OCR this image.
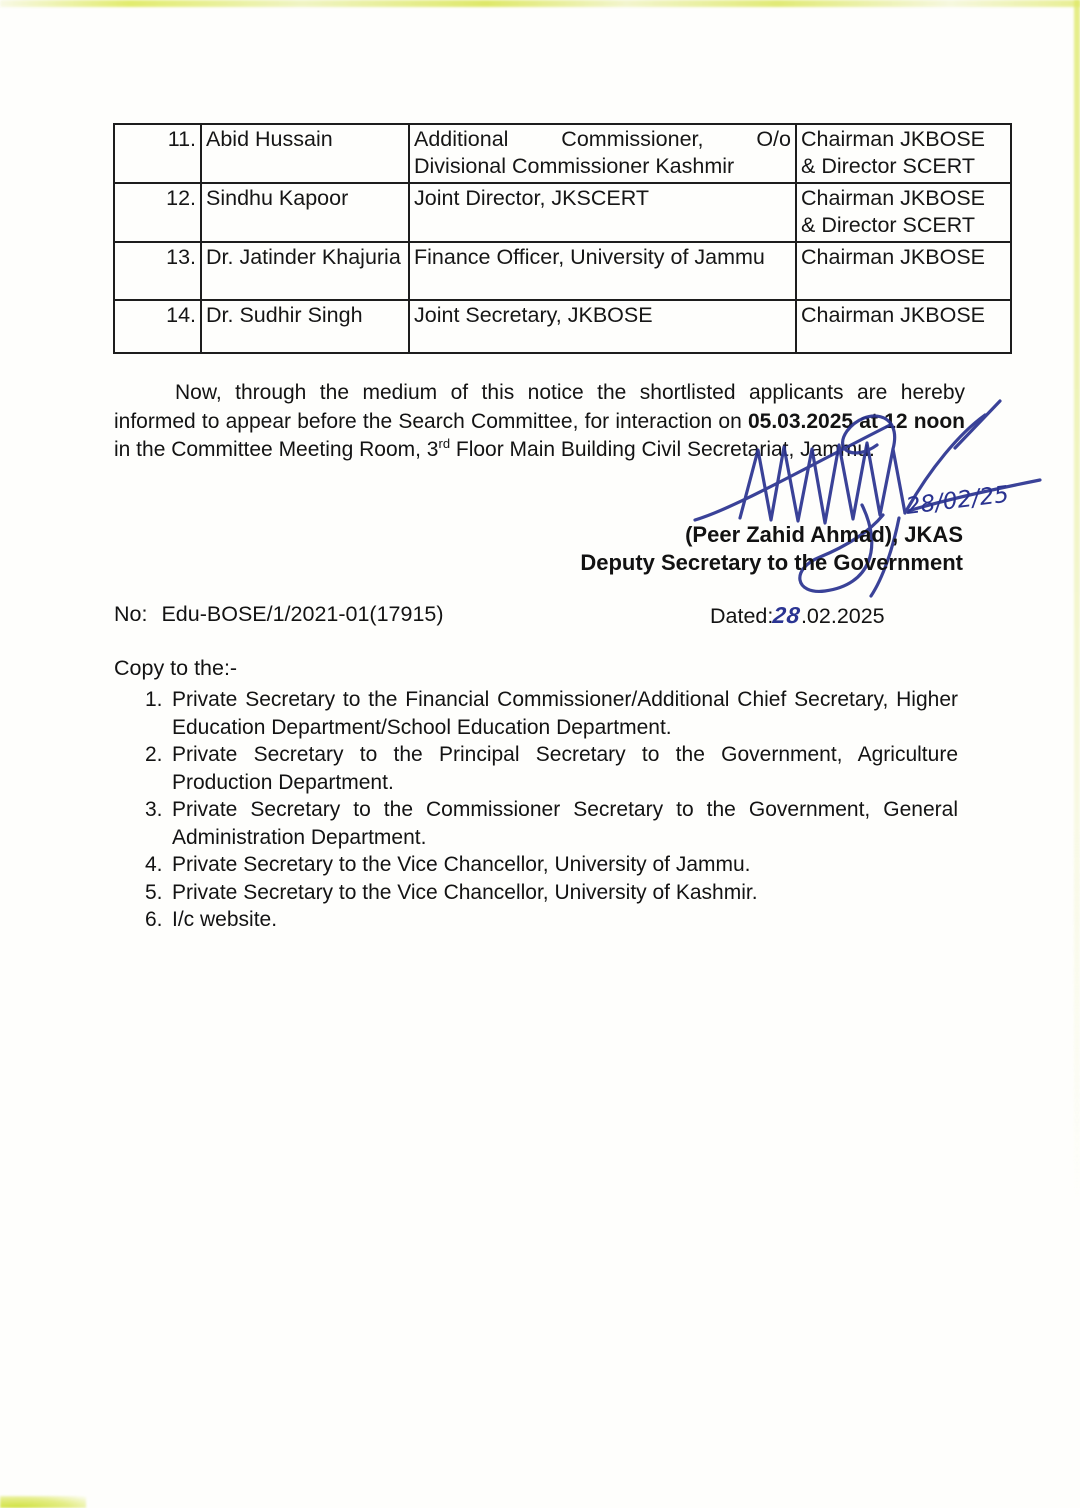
11.	Abid Hussain	Additional Commissioner, O/o Divisional Commissioner Kashmir	Chairman JKBOSE
& Director SCERT

12.	Sindhu Kapoor	Joint Director, JKSCERT	Chairman JKBOSE
& Director SCERT

13.	Dr. Jatinder Khajuria	Finance Officer, University of Jammu	Chairman JKBOSE

14.	Dr. Sudhir Singh	Joint Secretary, JKBOSE	Chairman JKBOSE

Now, through the medium of this notice the shortlisted applicants are hereby informed to appear before the Search Committee, for interaction on 05.03.2025 at 12 noon in the Committee Meeting Room, 3rd Floor Main Building Civil Secretariat, Jammu.

28/02/25
(Peer Zahid Ahmad), JKAS
Deputy Secretary to the Government
No: Edu-BOSE/1/2021-01(17915)	Dated:28.02.2025
Copy to the:-
1. Private Secretary to the Financial Commissioner/Additional Chief Secretary, Higher Education Department/School Education Department.
2. Private Secretary to the Principal Secretary to the Government, Agriculture Production Department.
3. Private Secretary to the Commissioner Secretary to the Government, General Administration Department.
4. Private Secretary to the Vice Chancellor, University of Jammu.
5. Private Secretary to the Vice Chancellor, University of Kashmir.
6. I/c website.
